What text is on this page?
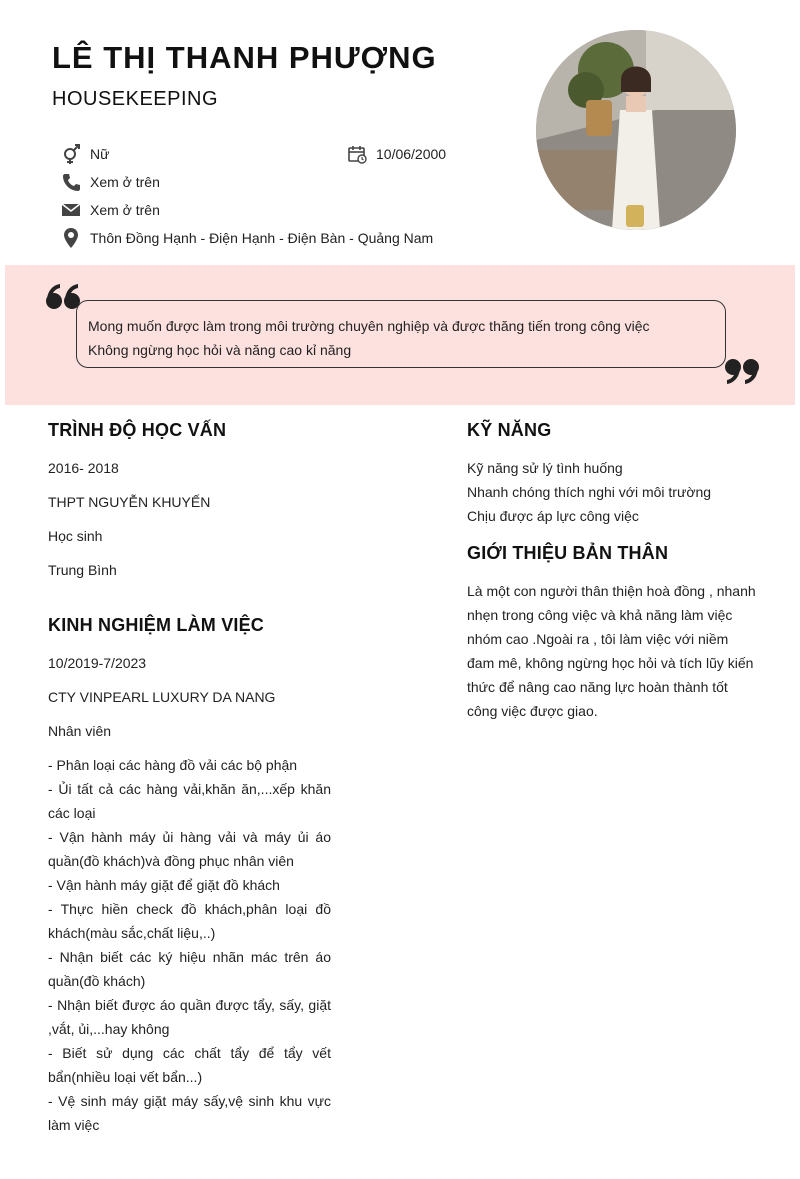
LÊ THỊ THANH PHƯỢNG
HOUSEKEEPING
Nữ	10/06/2000
Xem ở trên
Xem ở trên
Thôn Đồng Hạnh - Điện Hạnh - Điện Bàn - Quảng Nam
Mong muốn được làm trong môi trường chuyên nghiệp và được thăng tiến trong công việc
Không ngừng học hỏi và năng cao kỉ năng
TRÌNH ĐỘ HỌC VẤN
2016- 2018
THPT NGUYỄN KHUYẾN
Học sinh
Trung Bình
KINH NGHIỆM LÀM VIỆC
10/2019-7/2023
CTY VINPEARL LUXURY DA NANG
Nhân viên
- Phân loại các hàng đồ vải các bộ phận
- Ủi tất cả các hàng vải,khăn ăn,...xếp khăn các loại
- Vận hành máy ủi hàng vải và máy ủi áo quần(đồ khách)và đồng phục nhân viên
- Vận hành máy giặt để giặt đồ khách
- Thực hiền check đồ khách,phân loại đồ khách(màu sắc,chất liệu,..)
- Nhận biết các ký hiệu nhãn mác trên áo quần(đồ khách)
- Nhận biết được áo quần được tẩy, sấy, giặt ,vắt, ủi,...hay không
- Biết sử dụng các chất tẩy để tẩy vết bẩn(nhiều loại vết bẩn...)
- Vệ sinh máy giặt máy sấy,vệ sinh khu vực làm việc
KỸ NĂNG
Kỹ năng sử lý tình huống
Nhanh chóng thích nghi với môi trường
Chịu được áp lực công việc
GIỚI THIỆU BẢN THÂN
Là một con người thân thiện hoà đồng , nhanh nhẹn trong công việc và khả năng làm việc nhóm cao .Ngoài ra , tôi làm việc với niềm đam mê, không ngừng học hỏi và tích lũy kiến thức để nâng cao năng lực hoàn thành tốt công việc được giao.
